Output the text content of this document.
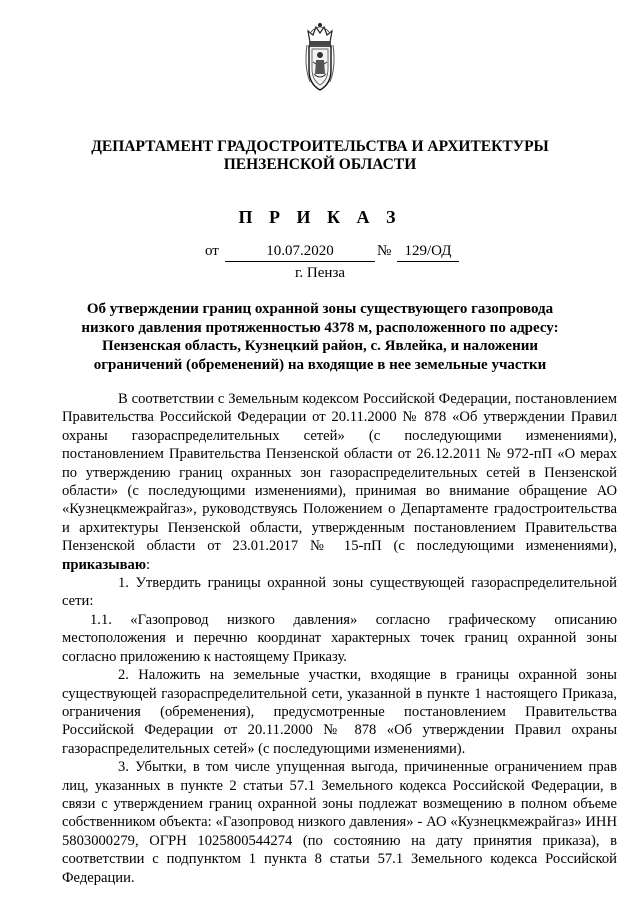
ДЕПАРТАМЕНТ ГРАДОСТРОИТЕЛЬСТВА И АРХИТЕКТУРЫ
ПЕНЗЕНСКОЙ ОБЛАСТИ
П Р И К А З
от	10.07.2020	№ 129/ОД
г. Пенза
Об утверждении границ охранной зоны существующего газопровода
низкого давления протяженностью 4378 м, расположенного по адресу:
Пензенская область, Кузнецкий район, с. Явлейка, и наложении
ограничений (обременений) на входящие в нее земельные участки

В соответствии с Земельным кодексом Российской Федерации, постановлением Правительства Российской Федерации от 20.11.2000 № 878 «Об утверждении Правил охраны газораспределительных сетей» (с последующими изменениями), постановлением Правительства Пензенской области от 26.12.2011 № 972-пП «О мерах по утверждению границ охранных зон газораспределительных сетей в Пензенской области» (с последующими изменениями), принимая во внимание обращение АО «Кузнецкмежрайгаз», руководствуясь Положением о Департаменте градостроительства и архитектуры Пензенской области, утвержденным постановлением Правительства Пензенской области от 23.01.2017 № 15-пП (с последующими изменениями), приказываю:

1. Утвердить границы охранной зоны существующей газораспределительной сети:

1.1. «Газопровод низкого давления» согласно графическому описанию местоположения и перечню координат характерных точек границ охранной зоны согласно приложению к настоящему Приказу.

2. Наложить на земельные участки, входящие в границы охранной зоны существующей газораспределительной сети, указанной в пункте 1 настоящего Приказа, ограничения (обременения), предусмотренные постановлением Правительства Российской Федерации от 20.11.2000 № 878 «Об утверждении Правил охраны газораспределительных сетей» (с последующими изменениями).

3. Убытки, в том числе упущенная выгода, причиненные ограничением прав лиц, указанных в пункте 2 статьи 57.1 Земельного кодекса Российской Федерации, в связи с утверждением границ охранной зоны подлежат возмещению в полном объеме собственником объекта: «Газопровод низкого давления» - АО «Кузнецкмежрайгаз» ИНН 5803000279, ОГРН 1025800544274 (по состоянию на дату принятия приказа), в соответствии с подпунктом 1 пункта 8 статьи 57.1 Земельного кодекса Российской Федерации.
